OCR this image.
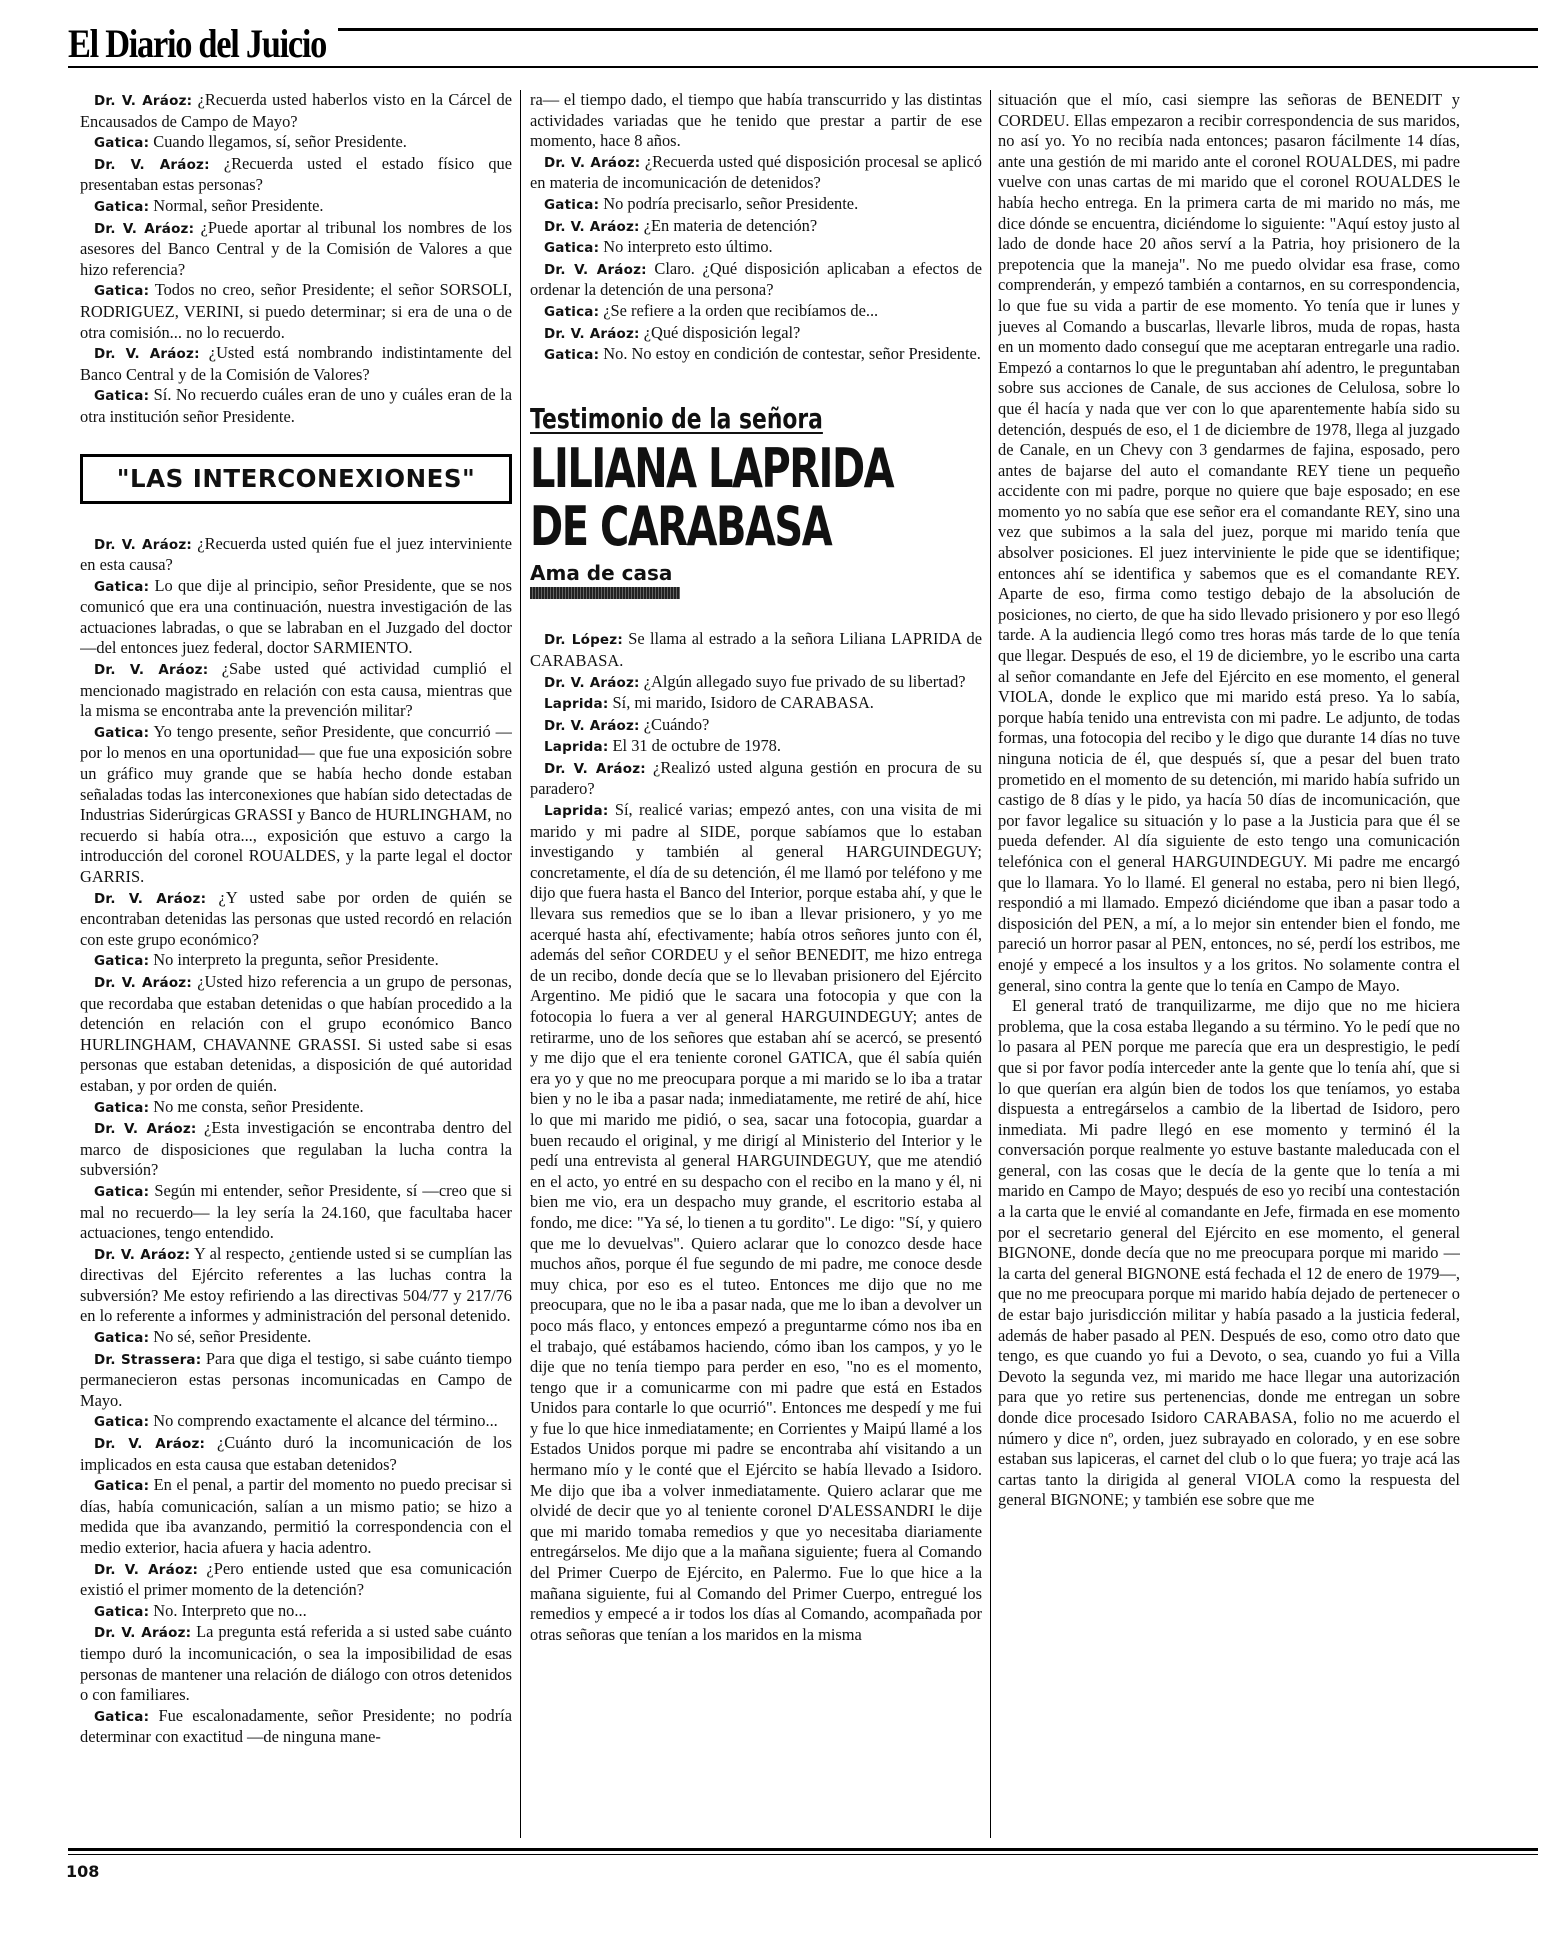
El Diario del Juicio

Dr. V. Aráoz: ¿Recuerda usted haberlos visto en la Cárcel de Encausados de Campo de Mayo?

Gatica: Cuando llegamos, sí, señor Presidente.

Dr. V. Aráoz: ¿Recuerda usted el estado físico que presentaban estas personas?

Gatica: Normal, señor Presidente.

Dr. V. Aráoz: ¿Puede aportar al tribunal los nombres de los asesores del Banco Central y de la Comisión de Valores a que hizo referencia?

Gatica: Todos no creo, señor Presidente; el señor SORSOLI, RODRIGUEZ, VERINI, si puedo determinar; si era de una o de otra comisión... no lo recuerdo.

Dr. V. Aráoz: ¿Usted está nombrando indistintamente del Banco Central y de la Comisión de Valores?

Gatica: Sí. No recuerdo cuáles eran de uno y cuáles eran de la otra institución señor Presidente.

"LAS INTERCONEXIONES"

Dr. V. Aráoz: ¿Recuerda usted quién fue el juez interviniente en esta causa?

Gatica: Lo que dije al principio, señor Presidente, que se nos comunicó que era una continuación, nuestra investigación de las actuaciones labradas, o que se labraban en el Juzgado del doctor —del entonces juez federal, doctor SARMIENTO.

Dr. V. Aráoz: ¿Sabe usted qué actividad cumplió el mencionado magistrado en relación con esta causa, mientras que la misma se encontraba ante la prevención militar?

Gatica: Yo tengo presente, señor Presidente, que concurrió —por lo menos en una oportunidad— que fue una exposición sobre un gráfico muy grande que se había hecho donde estaban señaladas todas las interconexiones que habían sido detectadas de Industrias Siderúrgicas GRASSI y Banco de HURLINGHAM, no recuerdo si había otra..., exposición que estuvo a cargo la introducción del coronel ROUALDES, y la parte legal el doctor GARRIS.

Dr. V. Aráoz: ¿Y usted sabe por orden de quién se encontraban detenidas las personas que usted recordó en relación con este grupo económico?

Gatica: No interpreto la pregunta, señor Presidente.

Dr. V. Aráoz: ¿Usted hizo referencia a un grupo de personas, que recordaba que estaban detenidas o que habían procedido a la detención en relación con el grupo económico Banco HURLINGHAM, CHAVANNE GRASSI. Si usted sabe si esas personas que estaban detenidas, a disposición de qué autoridad estaban, y por orden de quién.

Gatica: No me consta, señor Presidente.

Dr. V. Aráoz: ¿Esta investigación se encontraba dentro del marco de disposiciones que regulaban la lucha contra la subversión?

Gatica: Según mi entender, señor Presidente, sí —creo que si mal no recuerdo— la ley sería la 24.160, que facultaba hacer actuaciones, tengo entendido.

Dr. V. Aráoz: Y al respecto, ¿entiende usted si se cumplían las directivas del Ejército referentes a las luchas contra la subversión? Me estoy refiriendo a las directivas 504/77 y 217/76 en lo referente a informes y administración del personal detenido.

Gatica: No sé, señor Presidente.

Dr. Strassera: Para que diga el testigo, si sabe cuánto tiempo permanecieron estas personas incomunicadas en Campo de Mayo.

Gatica: No comprendo exactamente el alcance del término...

Dr. V. Aráoz: ¿Cuánto duró la incomunicación de los implicados en esta causa que estaban detenidos?

Gatica: En el penal, a partir del momento no puedo precisar si días, había comunicación, salían a un mismo patio; se hizo a medida que iba avanzando, permitió la correspondencia con el medio exterior, hacia afuera y hacia adentro.

Dr. V. Aráoz: ¿Pero entiende usted que esa comunicación existió el primer momento de la detención?

Gatica: No. Interpreto que no...

Dr. V. Aráoz: La pregunta está referida a si usted sabe cuánto tiempo duró la incomunicación, o sea la imposibilidad de esas personas de mantener una relación de diálogo con otros detenidos o con familiares.

Gatica: Fue escalonadamente, señor Presidente; no podría determinar con exactitud —de ninguna mane-

ra— el tiempo dado, el tiempo que había transcurrido y las distintas actividades variadas que he tenido que prestar a partir de ese momento, hace 8 años.

Dr. V. Aráoz: ¿Recuerda usted qué disposición procesal se aplicó en materia de incomunicación de detenidos?

Gatica: No podría precisarlo, señor Presidente.

Dr. V. Aráoz: ¿En materia de detención?

Gatica: No interpreto esto último.

Dr. V. Aráoz: Claro. ¿Qué disposición aplicaban a efectos de ordenar la detención de una persona?

Gatica: ¿Se refiere a la orden que recibíamos de...

Dr. V. Aráoz: ¿Qué disposición legal?

Gatica: No. No estoy en condición de contestar, señor Presidente.

Testimonio de la señora
LILIANA LAPRIDA
DE CARABASA
Ama de casa

Dr. López: Se llama al estrado a la señora Liliana LAPRIDA de CARABASA.

Dr. V. Aráoz: ¿Algún allegado suyo fue privado de su libertad?

Laprida: Sí, mi marido, Isidoro de CARABASA.

Dr. V. Aráoz: ¿Cuándo?

Laprida: El 31 de octubre de 1978.

Dr. V. Aráoz: ¿Realizó usted alguna gestión en procura de su paradero?

Laprida: Sí, realicé varias; empezó antes, con una visita de mi marido y mi padre al SIDE, porque sabíamos que lo estaban investigando y también al general HARGUINDEGUY; concretamente, el día de su detención, él me llamó por teléfono y me dijo que fuera hasta el Banco del Interior, porque estaba ahí, y que le llevara sus remedios que se lo iban a llevar prisionero, y yo me acerqué hasta ahí, efectivamente; había otros señores junto con él, además del señor CORDEU y el señor BENEDIT, me hizo entrega de un recibo, donde decía que se lo llevaban prisionero del Ejército Argentino. Me pidió que le sacara una fotocopia y que con la fotocopia lo fuera a ver al general HARGUINDEGUY; antes de retirarme, uno de los señores que estaban ahí se acercó, se presentó y me dijo que el era teniente coronel GATICA, que él sabía quién era yo y que no me preocupara porque a mi marido se lo iba a tratar bien y no le iba a pasar nada; inmediatamente, me retiré de ahí, hice lo que mi marido me pidió, o sea, sacar una fotocopia, guardar a buen recaudo el original, y me dirigí al Ministerio del Interior y le pedí una entrevista al general HARGUINDEGUY, que me atendió en el acto, yo entré en su despacho con el recibo en la mano y él, ni bien me vio, era un despacho muy grande, el escritorio estaba al fondo, me dice: "Ya sé, lo tienen a tu gordito". Le digo: "Sí, y quiero que me lo devuelvas". Quiero aclarar que lo conozco desde hace muchos años, porque él fue segundo de mi padre, me conoce desde muy chica, por eso es el tuteo. Entonces me dijo que no me preocupara, que no le iba a pasar nada, que me lo iban a devolver un poco más flaco, y entonces empezó a preguntarme cómo nos iba en el trabajo, qué estábamos haciendo, cómo iban los campos, y yo le dije que no tenía tiempo para perder en eso, "no es el momento, tengo que ir a comunicarme con mi padre que está en Estados Unidos para contarle lo que ocurrió". Entonces me despedí y me fui y fue lo que hice inmediatamente; en Corrientes y Maipú llamé a los Estados Unidos porque mi padre se encontraba ahí visitando a un hermano mío y le conté que el Ejército se había llevado a Isidoro. Me dijo que iba a volver inmediatamente. Quiero aclarar que me olvidé de decir que yo al teniente coronel D'ALESSANDRI le dije que mi marido tomaba remedios y que yo necesitaba diariamente entregárselos. Me dijo que a la mañana siguiente; fuera al Comando del Primer Cuerpo de Ejército, en Palermo. Fue lo que hice a la mañana siguiente, fui al Comando del Primer Cuerpo, entregué los remedios y empecé a ir todos los días al Comando, acompañada por otras señoras que tenían a los maridos en la misma

situación que el mío, casi siempre las señoras de BENEDIT y CORDEU. Ellas empezaron a recibir correspondencia de sus maridos, no así yo. Yo no recibía nada entonces; pasaron fácilmente 14 días, ante una gestión de mi marido ante el coronel ROUALDES, mi padre vuelve con unas cartas de mi marido que el coronel ROUALDES le había hecho entrega. En la primera carta de mi marido no más, me dice dónde se encuentra, diciéndome lo siguiente: "Aquí estoy justo al lado de donde hace 20 años serví a la Patria, hoy prisionero de la prepotencia que la maneja". No me puedo olvidar esa frase, como comprenderán, y empezó también a contarnos, en su correspondencia, lo que fue su vida a partir de ese momento. Yo tenía que ir lunes y jueves al Comando a buscarlas, llevarle libros, muda de ropas, hasta en un momento dado conseguí que me aceptaran entregarle una radio. Empezó a contarnos lo que le preguntaban ahí adentro, le preguntaban sobre sus acciones de Canale, de sus acciones de Celulosa, sobre lo que él hacía y nada que ver con lo que aparentemente había sido su detención, después de eso, el 1 de diciembre de 1978, llega al juzgado de Canale, en un Chevy con 3 gendarmes de fajina, esposado, pero antes de bajarse del auto el comandante REY tiene un pequeño accidente con mi padre, porque no quiere que baje esposado; en ese momento yo no sabía que ese señor era el comandante REY, sino una vez que subimos a la sala del juez, porque mi marido tenía que absolver posiciones. El juez interviniente le pide que se identifique; entonces ahí se identifica y sabemos que es el comandante REY. Aparte de eso, firma como testigo debajo de la absolución de posiciones, no cierto, de que ha sido llevado prisionero y por eso llegó tarde. A la audiencia llegó como tres horas más tarde de lo que tenía que llegar. Después de eso, el 19 de diciembre, yo le escribo una carta al señor comandante en Jefe del Ejército en ese momento, el general VIOLA, donde le explico que mi marido está preso. Ya lo sabía, porque había tenido una entrevista con mi padre. Le adjunto, de todas formas, una fotocopia del recibo y le digo que durante 14 días no tuve ninguna noticia de él, que después sí, que a pesar del buen trato prometido en el momento de su detención, mi marido había sufrido un castigo de 8 días y le pido, ya hacía 50 días de incomunicación, que por favor legalice su situación y lo pase a la Justicia para que él se pueda defender. Al día siguiente de esto tengo una comunicación telefónica con el general HARGUINDEGUY. Mi padre me encargó que lo llamara. Yo lo llamé. El general no estaba, pero ni bien llegó, respondió a mi llamado. Empezó diciéndome que iban a pasar todo a disposición del PEN, a mí, a lo mejor sin entender bien el fondo, me pareció un horror pasar al PEN, entonces, no sé, perdí los estribos, me enojé y empecé a los insultos y a los gritos. No solamente contra el general, sino contra la gente que lo tenía en Campo de Mayo.

El general trató de tranquilizarme, me dijo que no me hiciera problema, que la cosa estaba llegando a su término. Yo le pedí que no lo pasara al PEN porque me parecía que era un desprestigio, le pedí que si por favor podía interceder ante la gente que lo tenía ahí, que si lo que querían era algún bien de todos los que teníamos, yo estaba dispuesta a entregárselos a cambio de la libertad de Isidoro, pero inmediata. Mi padre llegó en ese momento y terminó él la conversación porque realmente yo estuve bastante maleducada con el general, con las cosas que le decía de la gente que lo tenía a mi marido en Campo de Mayo; después de eso yo recibí una contestación a la carta que le envié al comandante en Jefe, firmada en ese momento por el secretario general del Ejército en ese momento, el general BIGNONE, donde decía que no me preocupara porque mi marido —la carta del general BIGNONE está fechada el 12 de enero de 1979—, que no me preocupara porque mi marido había dejado de pertenecer o de estar bajo jurisdicción militar y había pasado a la justicia federal, además de haber pasado al PEN. Después de eso, como otro dato que tengo, es que cuando yo fui a Devoto, o sea, cuando yo fui a Villa Devoto la segunda vez, mi marido me hace llegar una autorización para que yo retire sus pertenencias, donde me entregan un sobre donde dice procesado Isidoro CARABASA, folio no me acuerdo el número y dice nº, orden, juez subrayado en colorado, y en ese sobre estaban sus lapiceras, el carnet del club o lo que fuera; yo traje acá las cartas tanto la dirigida al general VIOLA como la respuesta del general BIGNONE; y también ese sobre que me

108
